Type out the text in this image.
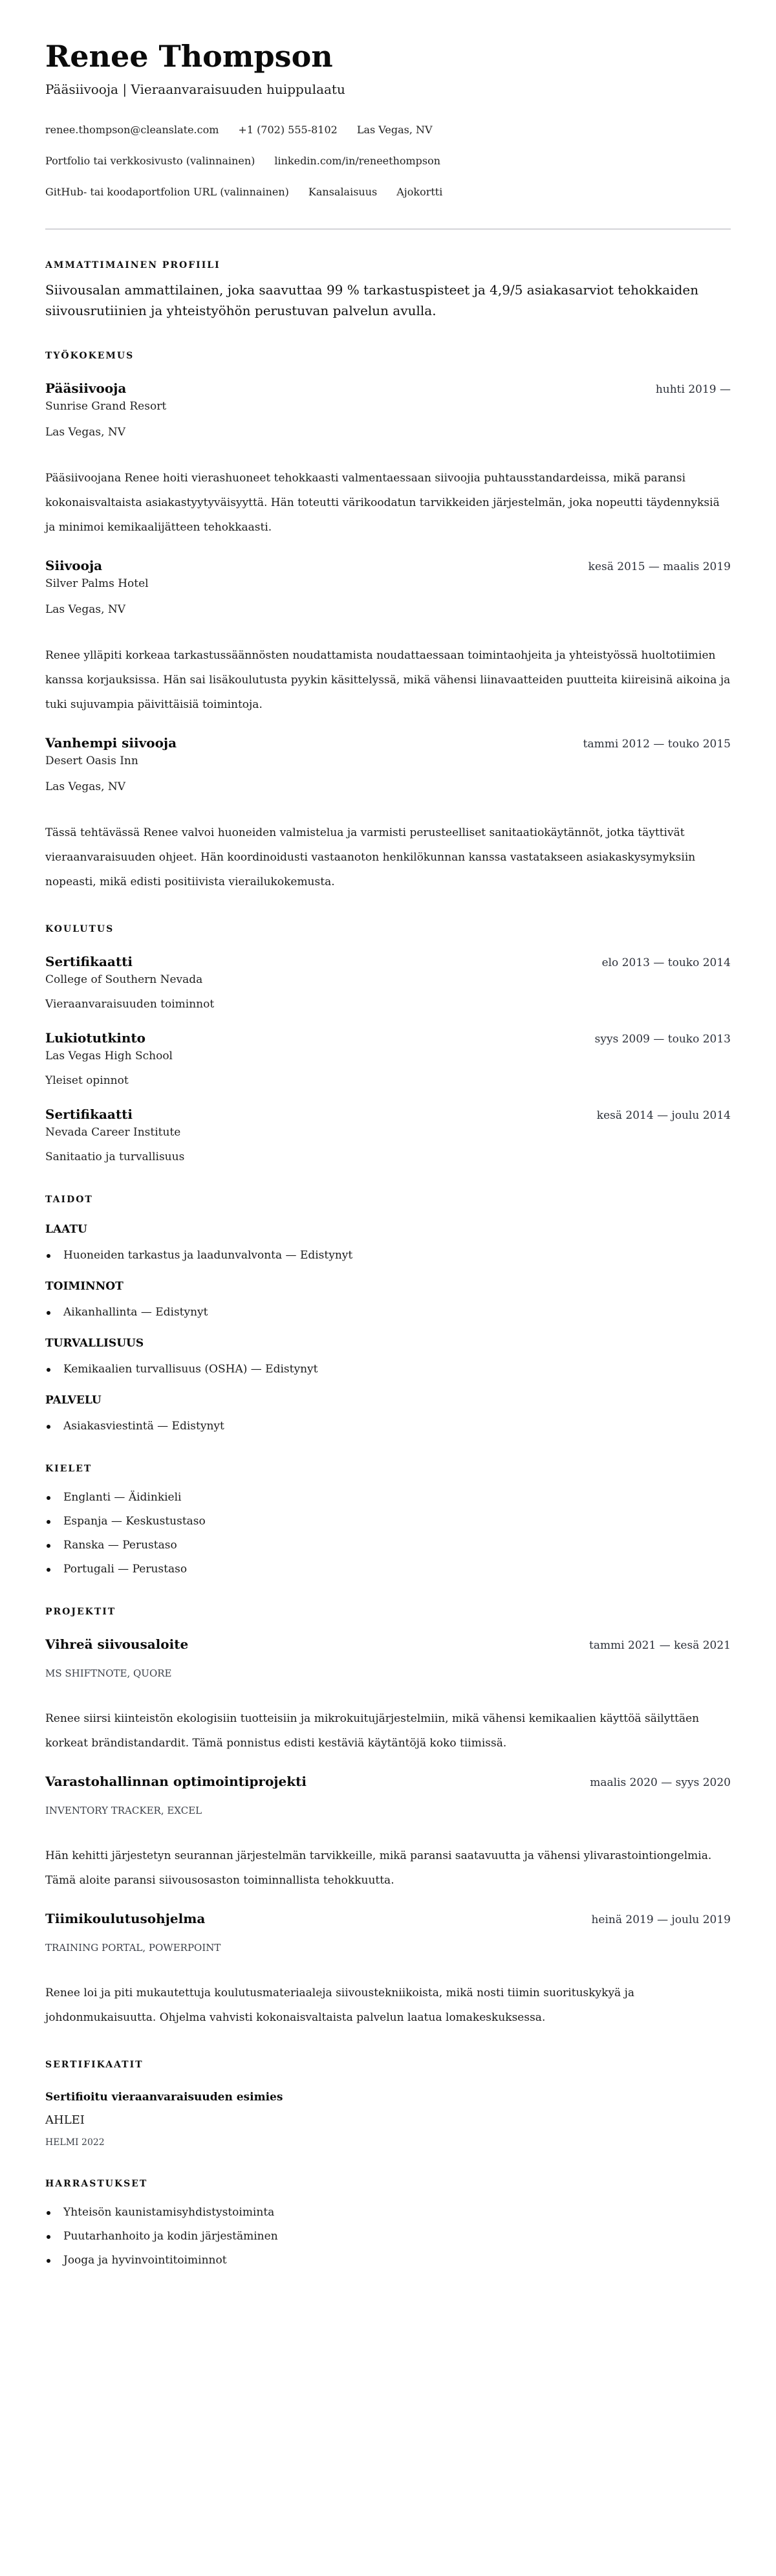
Renee Thompson
Pääsiivooja | Vieraanvaraisuuden huippulaatu
renee.thompson@cleanslate.com +1 (702) 555-8102 Las Vegas, NV
Portfolio tai verkkosivusto (valinnainen) linkedin.com/in/reneethompson
GitHub- tai koodaportfolion URL (valinnainen) Kansalaisuus Ajokortti
AMMATTIMAINEN PROFIILI

Siivousalan ammattilainen, joka saavuttaa 99 % tarkastuspisteet ja 4,9/5 asiakasarviot tehokkaiden siivousrutiinien ja yhteistyöhön perustuvan palvelun avulla.

TYÖKOKEMUS
Pääsiivooja	huhti 2019 —
Sunrise Grand Resort
Las Vegas, NV

Pääsiivoojana Renee hoiti vierashuoneet tehokkaasti valmentaessaan siivoojia puhtausstandardeissa, mikä paransi kokonaisvaltaista asiakastyytyväisyyttä. Hän toteutti värikoodatun tarvikkeiden järjestelmän, joka nopeutti täydennyksiä ja minimoi kemikaalijätteen tehokkaasti.

Siivooja	kesä 2015 — maalis 2019
Silver Palms Hotel
Las Vegas, NV

Renee ylläpiti korkeaa tarkastussäännösten noudattamista noudattaessaan toimintaohjeita ja yhteistyössä huoltotiimien kanssa korjauksissa. Hän sai lisäkoulutusta pyykin käsittelyssä, mikä vähensi liinavaatteiden puutteita kiireisinä aikoina ja tuki sujuvampia päivittäisiä toimintoja.

Vanhempi siivooja	tammi 2012 — touko 2015
Desert Oasis Inn
Las Vegas, NV

Tässä tehtävässä Renee valvoi huoneiden valmistelua ja varmisti perusteelliset sanitaatiokäytännöt, jotka täyttivät vieraanvaraisuuden ohjeet. Hän koordinoidusti vastaanoton henkilökunnan kanssa vastatakseen asiakaskysymyksiin nopeasti, mikä edisti positiivista vierailukokemusta.

KOULUTUS
Sertifikaatti	elo 2013 — touko 2014
College of Southern Nevada
Vieraanvaraisuuden toiminnot
Lukiotutkinto	syys 2009 — touko 2013
Las Vegas High School
Yleiset opinnot
Sertifikaatti	kesä 2014 — joulu 2014
Nevada Career Institute
Sanitaatio ja turvallisuus
TAIDOT
LAATU
Huoneiden tarkastus ja laadunvalvonta — Edistynyt
TOIMINNOT
Aikanhallinta — Edistynyt
TURVALLISUUS
Kemikaalien turvallisuus (OSHA) — Edistynyt
PALVELU
Asiakasviestintä — Edistynyt
KIELET
Englanti — Äidinkieli
Espanja — Keskustustaso
Ranska — Perustaso
Portugali — Perustaso
PROJEKTIT
Vihreä siivousaloite	tammi 2021 — kesä 2021
MS SHIFTNOTE, QUORE

Renee siirsi kiinteistön ekologisiin tuotteisiin ja mikrokuitujärjestelmiin, mikä vähensi kemikaalien käyttöä säilyttäen korkeat brändistandardit. Tämä ponnistus edisti kestäviä käytäntöjä koko tiimissä.

Varastohallinnan optimointiprojekti	maalis 2020 — syys 2020
INVENTORY TRACKER, EXCEL

Hän kehitti järjestetyn seurannan järjestelmän tarvikkeille, mikä paransi saatavuutta ja vähensi ylivarastointiongelmia. Tämä aloite paransi siivousosaston toiminnallista tehokkuutta.

Tiimikoulutusohjelma	heinä 2019 — joulu 2019
TRAINING PORTAL, POWERPOINT

Renee loi ja piti mukautettuja koulutusmateriaaleja siivoustekniikoista, mikä nosti tiimin suorituskykyä ja johdonmukaisuutta. Ohjelma vahvisti kokonaisvaltaista palvelun laatua lomakeskuksessa.

SERTIFIKAATIT
Sertifioitu vieraanvaraisuuden esimies
AHLEI
HELMI 2022
HARRASTUKSET
Yhteisön kaunistamisyhdistystoiminta
Puutarhanhoito ja kodin järjestäminen
Jooga ja hyvinvointitoiminnot
